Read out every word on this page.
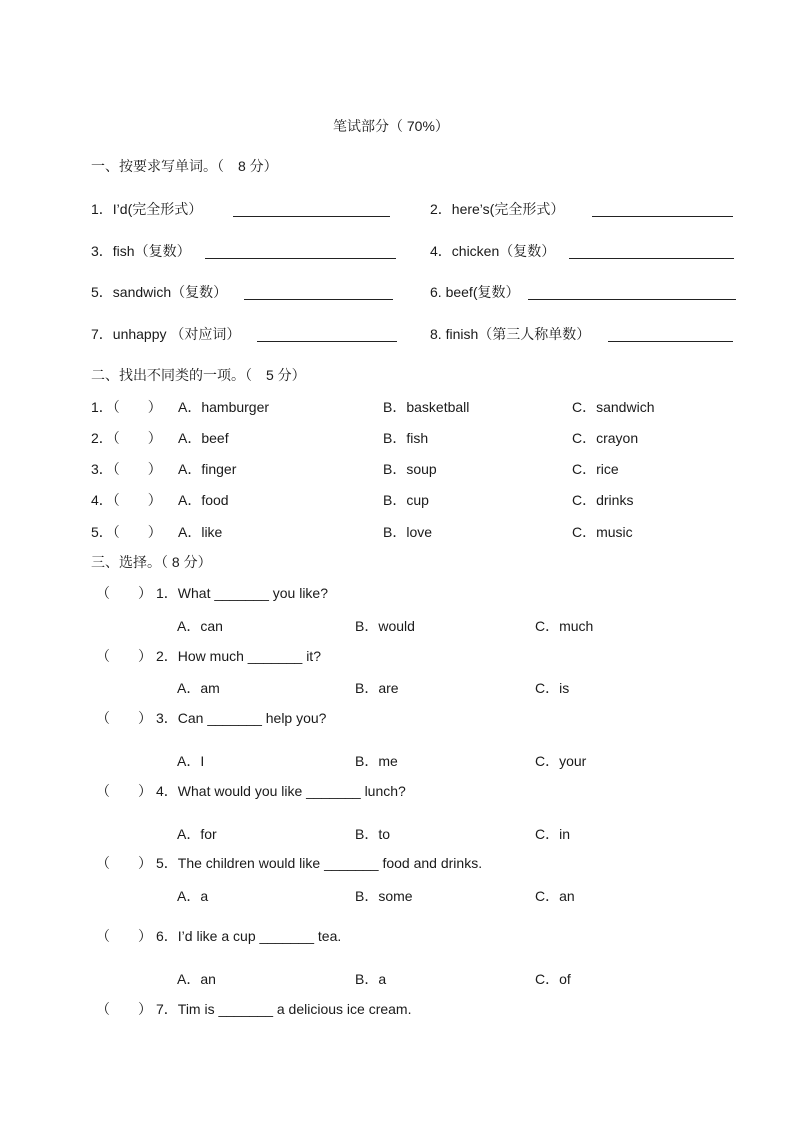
笔试部分（ 70%）
一、按要求写单词。（　8 分）
1．I’d(完全形式）	2．here’s(完全形式）
3．fish（复数）	4．chicken（复数）
5．sandwich（复数）	6. beef(复数）
7．unhappy （对应词）	8. finish（第三人称单数）
二、找出不同类的一项。（　5 分）
1．（　　） A．hamburger	B．basketball	C．sandwich
2．（　　） A．beef	B．fish	C．crayon
3．（　　） A．finger	B．soup	C．rice
4．（　　） A．food	B．cup	C．drinks
5．（　　） A．like	B．love	C．music
三、选择。（ 8 分）
（　　） 1．What _______ you like?
A．can	B．would	C．much
（　　） 2．How much _______ it?
A．am	B．are	C．is
（　　） 3．Can _______ help you?
A．I	B．me	C．your
（　　） 4．What would you like _______ lunch?
A．for	B．to	C．in
（　　） 5．The children would like _______ food and drinks.
A．a	B．some	C．an
（　　） 6．I’d like a cup _______ tea.
A．an	B．a	C．of
（　　） 7．Tim is _______ a delicious ice cream.
